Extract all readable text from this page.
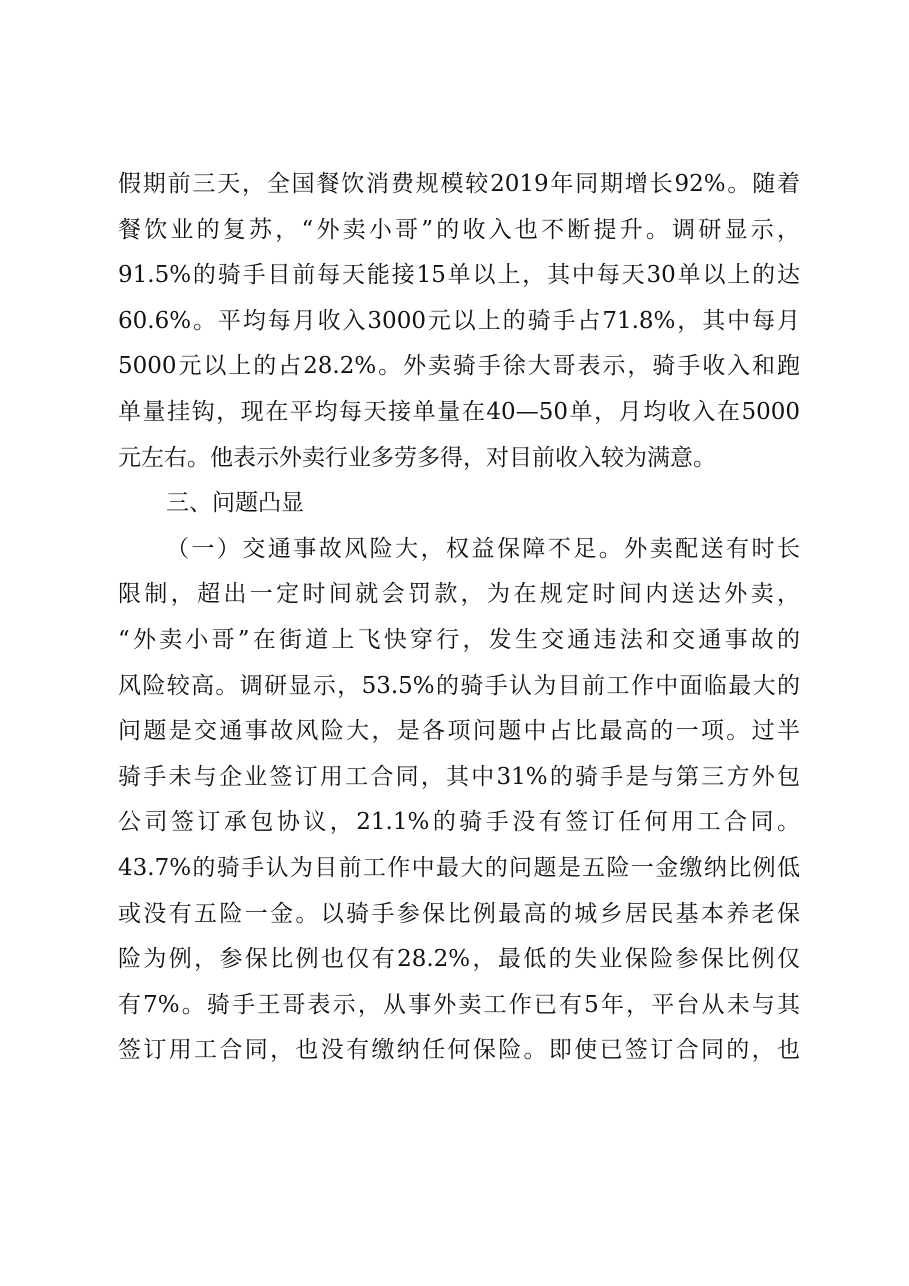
假期前三天，全国餐饮消费规模较2019年同期增长92%。随着
餐饮业的复苏，“外卖小哥”的收入也不断提升。调研显示，
91.5%的骑手目前每天能接15单以上，其中每天30单以上的达
60.6%。平均每月收入3000元以上的骑手占71.8%，其中每月
5000元以上的占28.2%。外卖骑手徐大哥表示，骑手收入和跑
单量挂钩，现在平均每天接单量在40—50单，月均收入在5000
元左右。他表示外卖行业多劳多得，对目前收入较为满意。
三、问题凸显
（一）交通事故风险大，权益保障不足。外卖配送有时长
限制，超出一定时间就会罚款，为在规定时间内送达外卖，
“外卖小哥”在街道上飞快穿行，发生交通违法和交通事故的
风险较高。调研显示，53.5%的骑手认为目前工作中面临最大的
问题是交通事故风险大，是各项问题中占比最高的一项。过半
骑手未与企业签订用工合同，其中31%的骑手是与第三方外包
公司签订承包协议，21.1%的骑手没有签订任何用工合同。
43.7%的骑手认为目前工作中最大的问题是五险一金缴纳比例低
或没有五险一金。以骑手参保比例最高的城乡居民基本养老保
险为例，参保比例也仅有28.2%，最低的失业保险参保比例仅
有7%。骑手王哥表示，从事外卖工作已有5年，平台从未与其
签订用工合同，也没有缴纳任何保险。即使已签订合同的，也
